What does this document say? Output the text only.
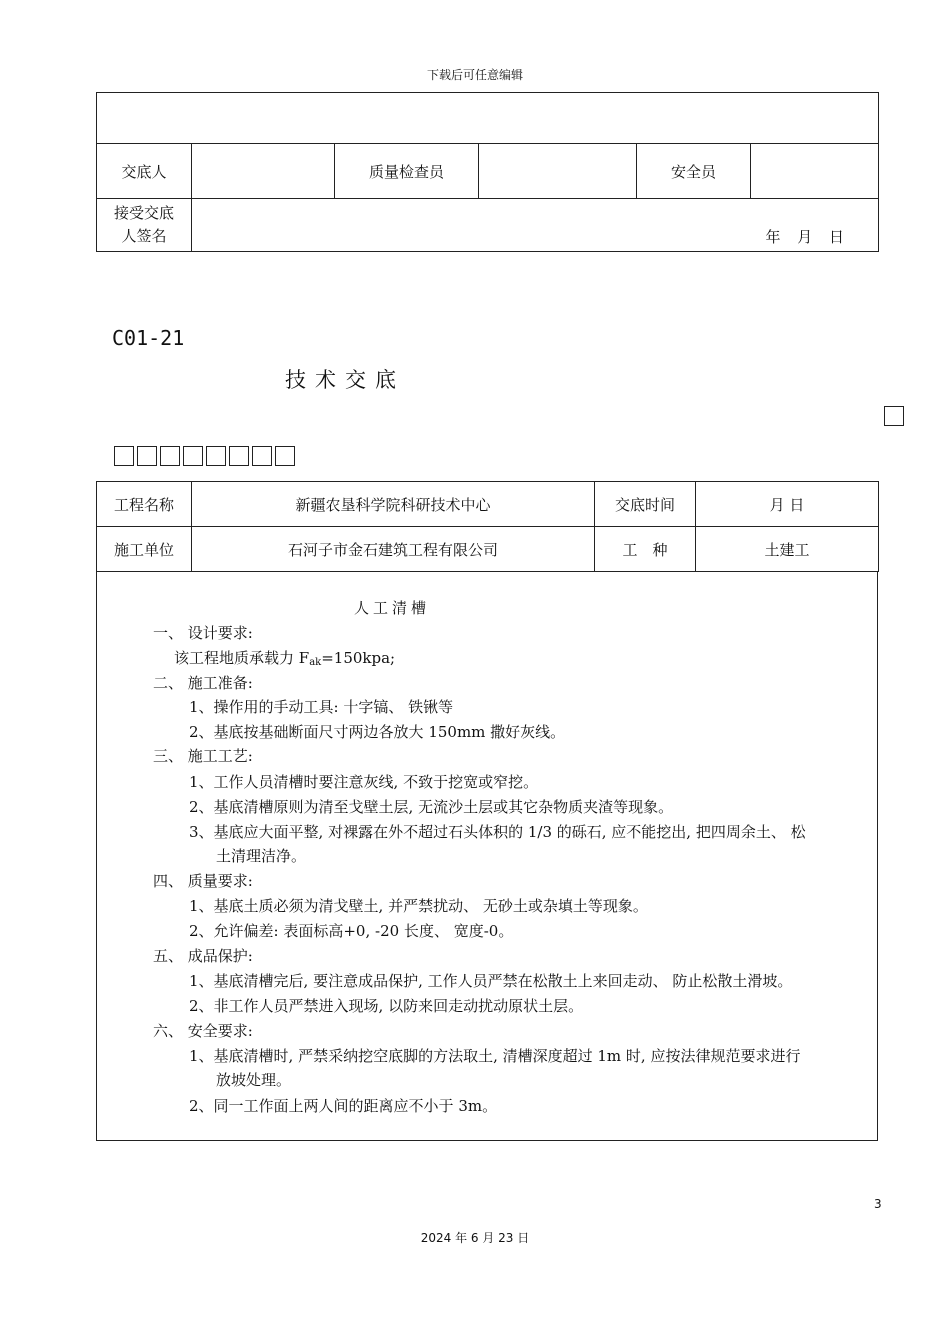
下载后可任意编辑

交底人		质量检查员		安全员	

接受交底
人签名	年 月 日				
C01-21
技术交底
工程名称	新疆农垦科学院科研技术中心	交底时间	月 日
施工单位	石河子市金石建筑工程有限公司	工　种	土建工
人工清槽
一、 设计要求:
该工程地质承载力 $F_{ak}=150kpa$;
二、 施工准备:
1、操作用的手动工具: 十字镐、 铁锹等
2、基底按基础断面尺寸两边各放大 150mm 撒好灰线。
三、 施工工艺:
1、工作人员清槽时要注意灰线, 不致于挖宽或窄挖。
2、基底清槽原则为清至戈壁土层, 无流沙土层或其它杂物质夹渣等现象。
3、基底应大面平整, 对裸露在外不超过石头体积的 1/3 的砾石, 应不能挖出, 把四周余土、 松
土清理洁净。
四、 质量要求:
1、基底土质必须为清戈壁土, 并严禁扰动、 无砂土或杂填土等现象。
2、允许偏差: 表面标高+0, -20 长度、 宽度-0。
五、 成品保护:
1、基底清槽完后, 要注意成品保护, 工作人员严禁在松散土上来回走动、 防止松散土滑坡。
2、非工作人员严禁进入现场, 以防来回走动扰动原状土层。
六、 安全要求:
1、基底清槽时, 严禁采纳挖空底脚的方法取土, 清槽深度超过 1m 时, 应按法律规范要求进行
放坡处理。
2、同一工作面上两人间的距离应不小于 3m。
3
2024 年 6 月 23 日
